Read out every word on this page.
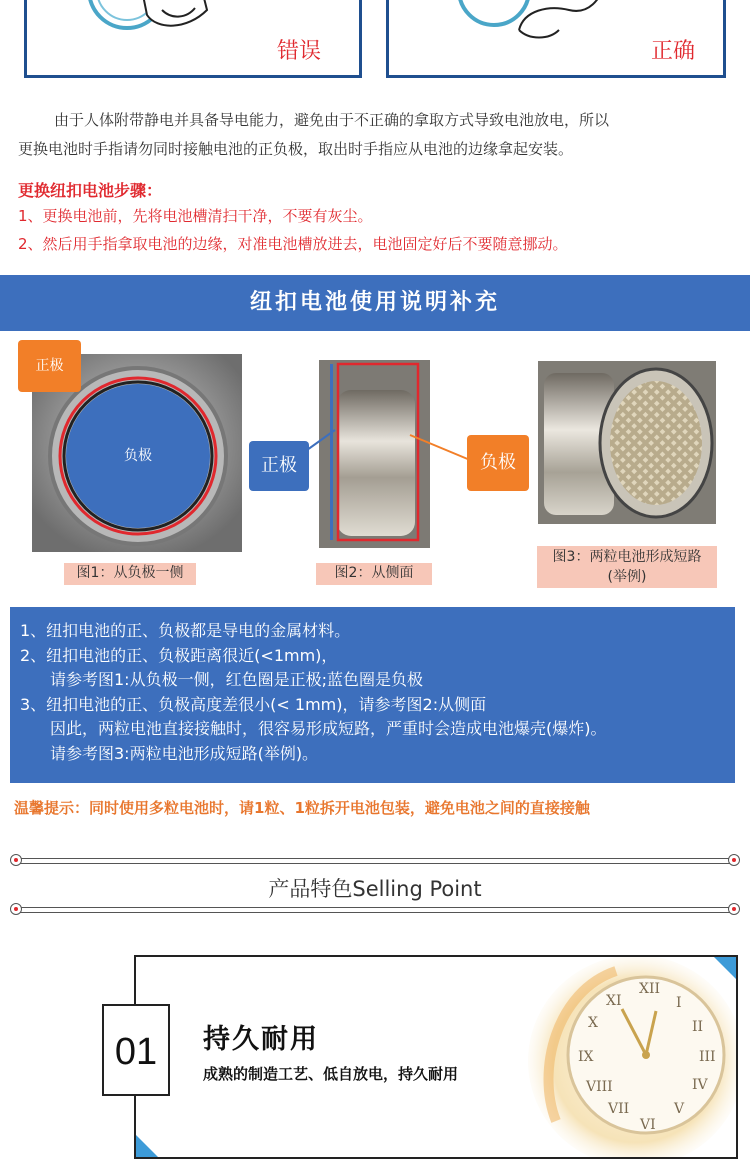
错误	正确
由于人体附带静电并具备导电能力，避免由于不正确的拿取方式导致电池放电，所以
更换电池时手指请勿同时接触电池的正负极，取出时手指应从电池的边缘拿起安装。
更换纽扣电池步骤：
1、更换电池前，先将电池槽清扫干净，不要有灰尘。
2、然后用手指拿取电池的边缘，对准电池槽放进去，电池固定好后不要随意挪动。
纽扣电池使用说明补充
负极
正极
图1：从负极一侧
正极	负极
图2：从侧面
图3：两粒电池形成短路
(举例)
1、纽扣电池的正、负极都是导电的金属材料。
2、纽扣电池的正、负极距离很近(<1mm)，
请参考图1:从负极一侧，红色圈是正极;蓝色圈是负极
3、纽扣电池的正、负极高度差很小(< 1mm)，请参考图2:从侧面
因此，两粒电池直接接触时，很容易形成短路，严重时会造成电池爆壳(爆炸)。
请参考图3:两粒电池形成短路(举例)。
温馨提示：同时使用多粒电池时，请1粒、1粒拆开电池包装，避免电池之间的直接接触
产品特色Selling Point
XII
III
VI
IX
I
II
IV
V
VII
VIII
X
XI
01	持久耐用
成熟的制造工艺、低自放电，持久耐用
